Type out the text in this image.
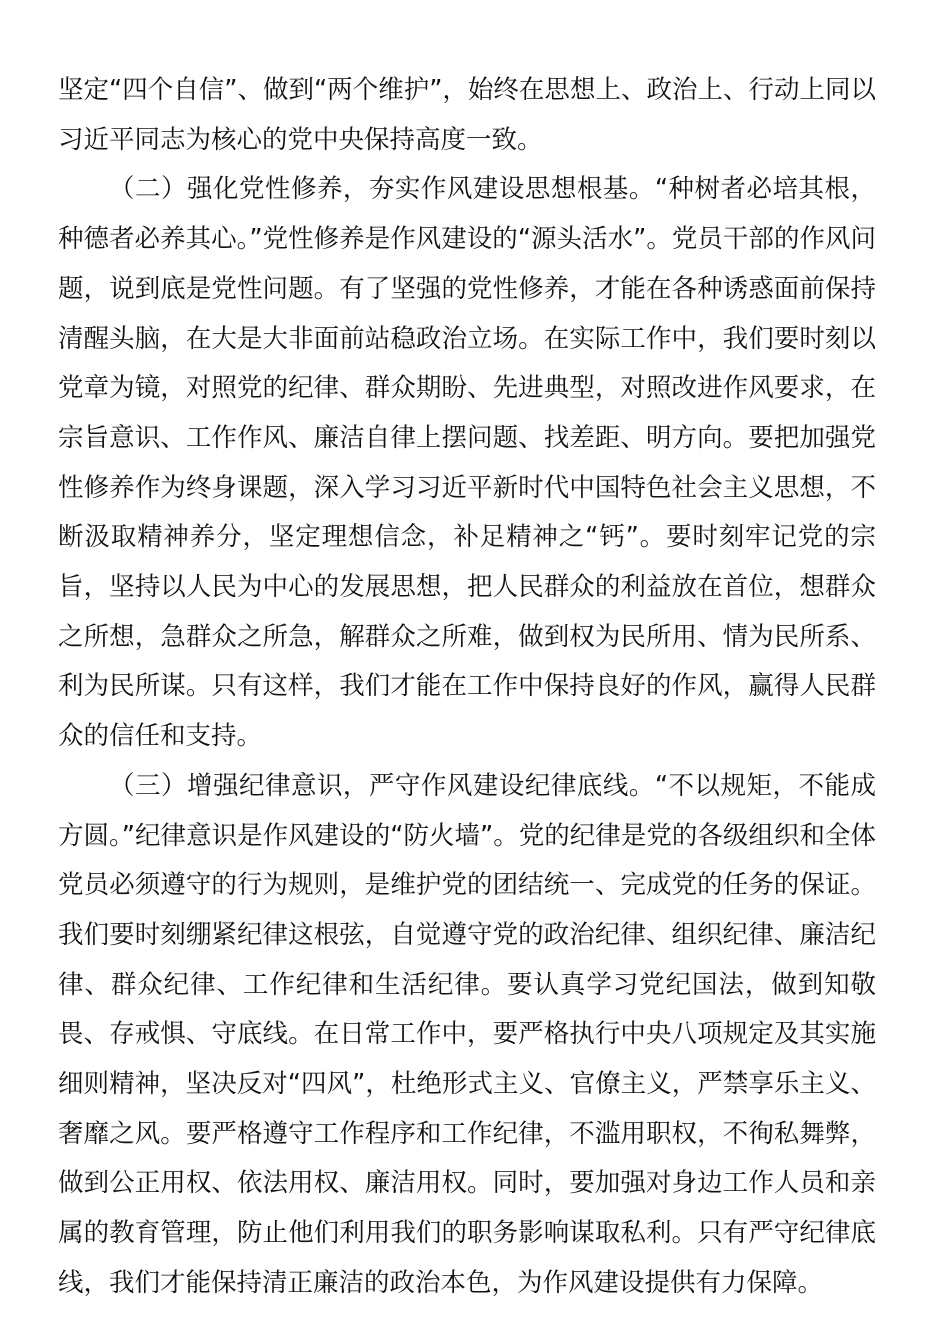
坚定“四个自信”、做到“两个维护”，始终在思想上、政治上、行动上同以习近平同志为核心的党中央保持高度一致。

（二）强化党性修养，夯实作风建设思想根基。“种树者必培其根，种德者必养其心。”党性修养是作风建设的“源头活水”。党员干部的作风问题，说到底是党性问题。有了坚强的党性修养，才能在各种诱惑面前保持清醒头脑，在大是大非面前站稳政治立场。在实际工作中，我们要时刻以党章为镜，对照党的纪律、群众期盼、先进典型，对照改进作风要求，在宗旨意识、工作作风、廉洁自律上摆问题、找差距、明方向。要把加强党性修养作为终身课题，深入学习习近平新时代中国特色社会主义思想，不断汲取精神养分，坚定理想信念，补足精神之“钙”。要时刻牢记党的宗旨，坚持以人民为中心的发展思想，把人民群众的利益放在首位，想群众之所想，急群众之所急，解群众之所难，做到权为民所用、情为民所系、利为民所谋。只有这样，我们才能在工作中保持良好的作风，赢得人民群众的信任和支持。

（三）增强纪律意识，严守作风建设纪律底线。“不以规矩，不能成方圆。”纪律意识是作风建设的“防火墙”。党的纪律是党的各级组织和全体党员必须遵守的行为规则，是维护党的团结统一、完成党的任务的保证。我们要时刻绷紧纪律这根弦，自觉遵守党的政治纪律、组织纪律、廉洁纪律、群众纪律、工作纪律和生活纪律。要认真学习党纪国法，做到知敬畏、存戒惧、守底线。在日常工作中，要严格执行中央八项规定及其实施细则精神，坚决反对“四风”，杜绝形式主义、官僚主义，严禁享乐主义、奢靡之风。要严格遵守工作程序和工作纪律，不滥用职权，不徇私舞弊，做到公正用权、依法用权、廉洁用权。同时，要加强对身边工作人员和亲属的教育管理，防止他们利用我们的职务影响谋取私利。只有严守纪律底线，我们才能保持清正廉洁的政治本色，为作风建设提供有力保障。
